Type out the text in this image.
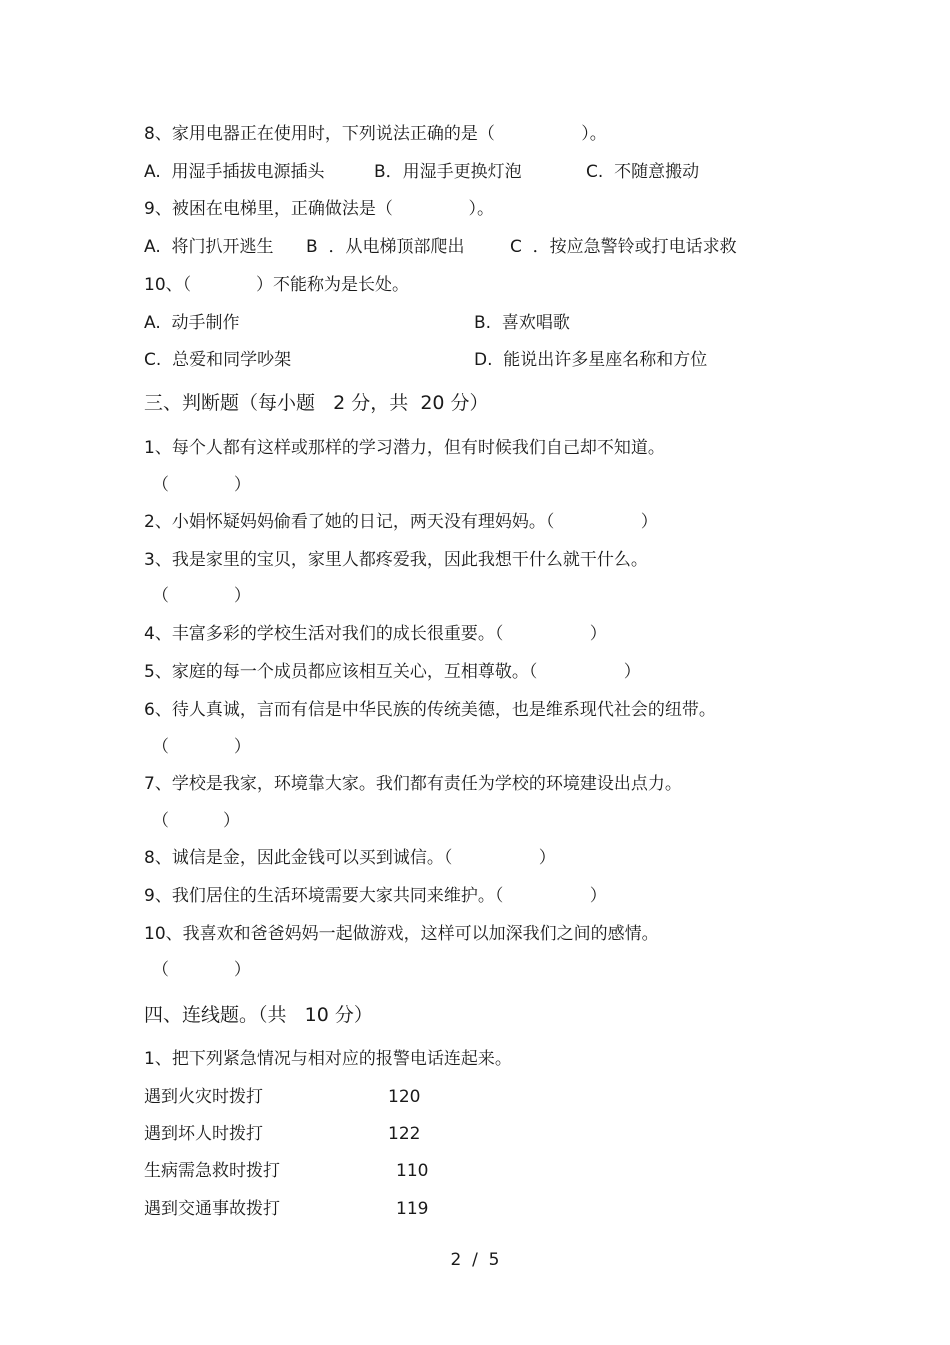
8、家用电器正在使用时，下列说法正确的是（                ）。
A.  用湿手插拔电源插头	B．用湿手更换灯泡	C.  不随意搬动
9、被困在电梯里，正确做法是（              ）。
A.  将门扒开逃生 B  ．从电梯顶部爬出	C  ．按应急警铃或打电话求救
10、（            ）不能称为是长处。
A.  动手制作	B.  喜欢唱歌
C.  总爱和同学吵架	D.  能说出许多星座名称和方位
三、判断题（每小题   2 分，共  20 分）
1、每个人都有这样或那样的学习潜力，但有时候我们自己却不知道。
（            ）
2、小娟怀疑妈妈偷看了她的日记，两天没有理妈妈。（                ）
3、我是家里的宝贝，家里人都疼爱我，因此我想干什么就干什么。
（            ）
4、丰富多彩的学校生活对我们的成长很重要。（                ）
5、家庭的每一个成员都应该相互关心，互相尊敬。（                ）
6、待人真诚，言而有信是中华民族的传统美德，也是维系现代社会的纽带。
（            ）
7、学校是我家，环境靠大家。我们都有责任为学校的环境建设出点力。
（          ）
8、诚信是金，因此金钱可以买到诚信。（                ）
9、我们居住的生活环境需要大家共同来维护。（                ）
10、我喜欢和爸爸妈妈一起做游戏，这样可以加深我们之间的感情。
（            ）
四、连线题。（共   10 分）
1、把下列紧急情况与相对应的报警电话连起来。
遇到火灾时拨打	120
遇到坏人时拨打	122
生病需急救时拨打	110
遇到交通事故拨打	119
2  /  5
